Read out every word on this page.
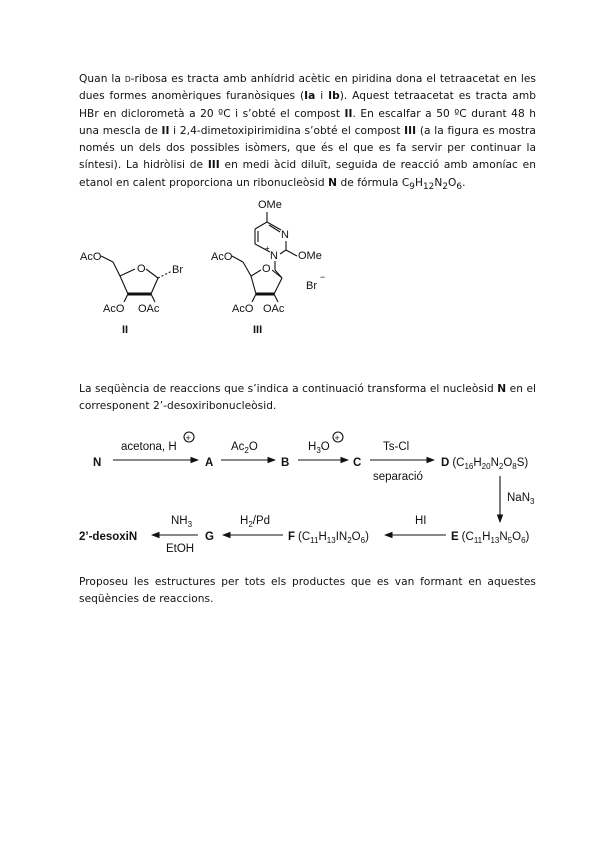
Quan la D-ribosa es tracta amb anhídrid acètic en piridina dona el tetraacetat en les dues formes anomèriques furanòsiques (Ia i Ib). Aquest tetraacetat es tracta amb HBr en diclorometà a 20 ºC i s’obté el compost II. En escalfar a 50 ºC durant 48 h una mescla de II i 2,4-dimetoxipirimidina s’obté el compost III (a la figura es mostra només un dels dos possibles isòmers, que és el que es fa servir per continuar la síntesi). La hidròlisi de III en medi àcid diluït, seguida de reacció amb amoníac en etanol en calent proporciona un ribonucleòsid N de fórmula $C_9H_{12}N_2O_6$.
AcO
O Br
AcO OAc
II
OMe
N
N
+
OMe
AcO
O
AcO OAc
Br
−
III
La seqüència de reaccions que s’indica a continuació transforma el nucleòsid N en el corresponent 2’-desoxiribonucleòsid.
N
acetona, H
+
A
$Ac_2O$
B
$H_3O$
+
C
Ts-Cl
separació
D $(C_{16}H_{20}N_2O_8S)$
NaN$_3$
E $(C_{11}H_{13}N_5O_6)$
HI
F $(C_{11}H_{13}IN_2O_6)$
$H_2/Pd$
G
$NH_3$
EtOH
2’-desoxiN
Proposeu les estructures per tots els productes que es van formant en aquestes seqüències de reaccions.
